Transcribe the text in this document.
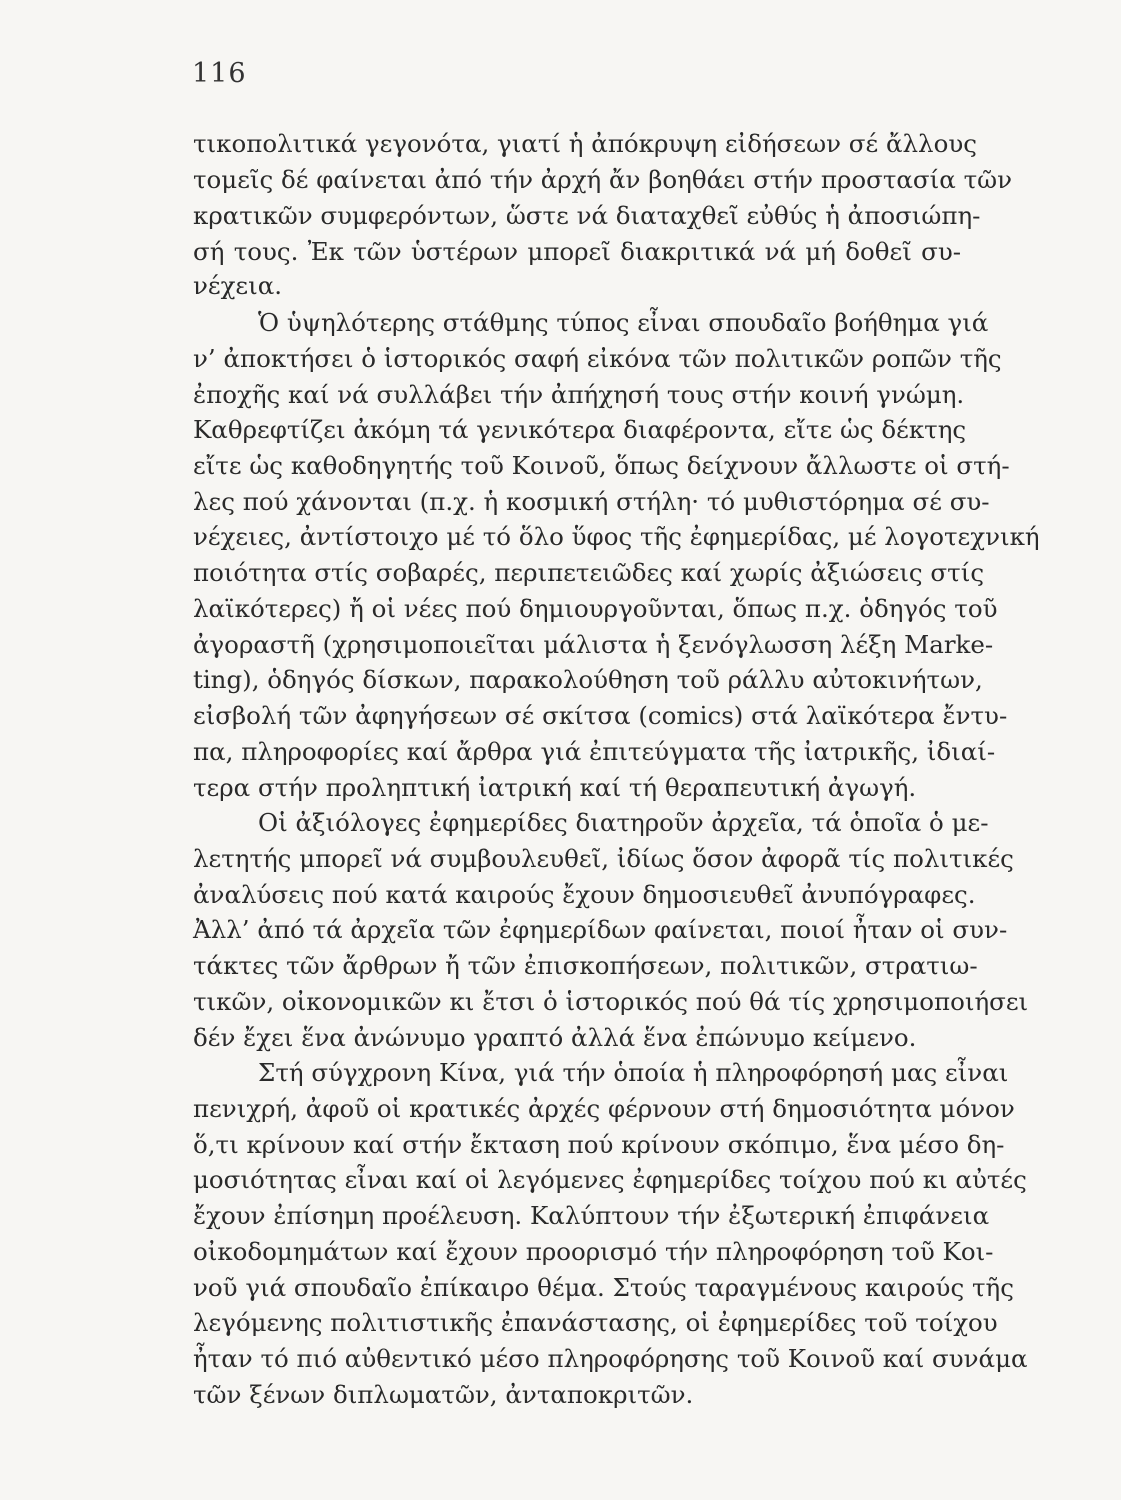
116
τικοπολιτικά γεγονότα, γιατί ἡ ἀπόκρυψη εἰδήσεων σέ ἄλλους
τομεῖς δέ φαίνεται ἀπό τήν ἀρχή ἄν βοηθάει στήν προστασία τῶν
κρατικῶν συμφερόντων, ὥστε νά διαταχθεῖ εὐθύς ἡ ἀποσιώπη-
σή τους. Ἐκ τῶν ὑστέρων μπορεῖ διακριτικά νά μή δοθεῖ συ-
νέχεια.
Ὁ ὑψηλότερης στάθμης τύπος εἶναι σπουδαῖο βοήθημα γιά
ν’ ἀποκτήσει ὁ ἱστορικός σαφή εἰκόνα τῶν πολιτικῶν ροπῶν τῆς
ἐποχῆς καί νά συλλάβει τήν ἀπήχησή τους στήν κοινή γνώμη.
Καθρεφτίζει ἀκόμη τά γενικότερα διαφέροντα, εἴτε ὡς δέκτης
εἴτε ὡς καθοδηγητής τοῦ Κοινοῦ, ὅπως δείχνουν ἄλλωστε οἱ στή-
λες πού χάνονται (π.χ. ἡ κοσμική στήλη· τό μυθιστόρημα σέ συ-
νέχειες, ἀντίστοιχο μέ τό ὅλο ὕφος τῆς ἐφημερίδας, μέ λογοτεχνική
ποιότητα στίς σοβαρές, περιπετειῶδες καί χωρίς ἀξιώσεις στίς
λαϊκότερες) ἤ οἱ νέες πού δημιουργοῦνται, ὅπως π.χ. ὁδηγός τοῦ
ἀγοραστῆ (χρησιμοποιεῖται μάλιστα ἡ ξενόγλωσση λέξη Marke-
ting), ὁδηγός δίσκων, παρακολούθηση τοῦ ράλλυ αὐτοκινήτων,
εἰσβολή τῶν ἀφηγήσεων σέ σκίτσα (comics) στά λαϊκότερα ἔντυ-
πα, πληροφορίες καί ἄρθρα γιά ἐπιτεύγματα τῆς ἰατρικῆς, ἰδιαί-
τερα στήν προληπτική ἰατρική καί τή θεραπευτική ἀγωγή.
Οἱ ἀξιόλογες ἐφημερίδες διατηροῦν ἀρχεῖα, τά ὁποῖα ὁ με-
λετητής μπορεῖ νά συμβουλευθεῖ, ἰδίως ὅσον ἀφορᾶ τίς πολιτικές
ἀναλύσεις πού κατά καιρούς ἔχουν δημοσιευθεῖ ἀνυπόγραφες.
Ἀλλ’ ἀπό τά ἀρχεῖα τῶν ἐφημερίδων φαίνεται, ποιοί ἦταν οἱ συν-
τάκτες τῶν ἄρθρων ἤ τῶν ἐπισκοπήσεων, πολιτικῶν, στρατιω-
τικῶν, οἰκονομικῶν κι ἔτσι ὁ ἱστορικός πού θά τίς χρησιμοποιήσει
δέν ἔχει ἕνα ἀνώνυμο γραπτό ἀλλά ἕνα ἐπώνυμο κείμενο.
Στή σύγχρονη Κίνα, γιά τήν ὁποία ἡ πληροφόρησή μας εἶναι
πενιχρή, ἀφοῦ οἱ κρατικές ἀρχές φέρνουν στή δημοσιότητα μόνον
ὅ,τι κρίνουν καί στήν ἔκταση πού κρίνουν σκόπιμο, ἕνα μέσο δη-
μοσιότητας εἶναι καί οἱ λεγόμενες ἐφημερίδες τοίχου πού κι αὐτές
ἔχουν ἐπίσημη προέλευση. Καλύπτουν τήν ἐξωτερική ἐπιφάνεια
οἰκοδομημάτων καί ἔχουν προορισμό τήν πληροφόρηση τοῦ Κοι-
νοῦ γιά σπουδαῖο ἐπίκαιρο θέμα. Στούς ταραγμένους καιρούς τῆς
λεγόμενης πολιτιστικῆς ἐπανάστασης, οἱ ἐφημερίδες τοῦ τοίχου
ἦταν τό πιό αὐθεντικό μέσο πληροφόρησης τοῦ Κοινοῦ καί συνάμα
τῶν ξένων διπλωματῶν, ἀνταποκριτῶν.
